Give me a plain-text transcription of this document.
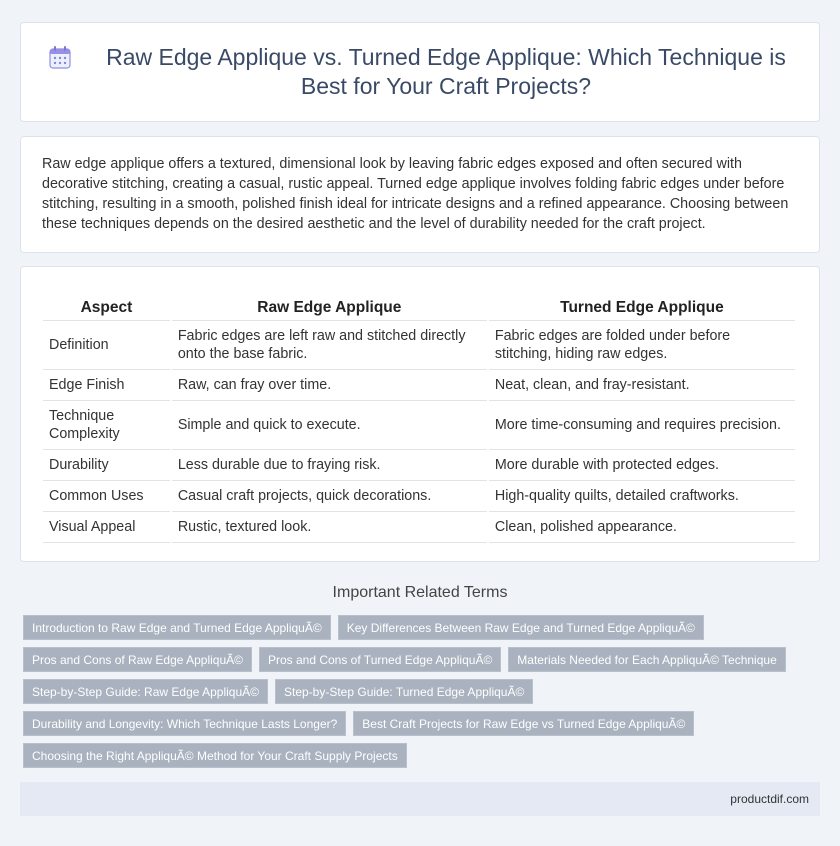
Raw Edge Applique vs. Turned Edge Applique: Which Technique is Best for Your Craft Projects?

Raw edge applique offers a textured, dimensional look by leaving fabric edges exposed and often secured with decorative stitching, creating a casual, rustic appeal. Turned edge applique involves folding fabric edges under before stitching, resulting in a smooth, polished finish ideal for intricate designs and a refined appearance. Choosing between these techniques depends on the desired aesthetic and the level of durability needed for the craft project.

Aspect	Raw Edge Applique	Turned Edge Applique
Definition	Fabric edges are left raw and stitched directly onto the base fabric.	Fabric edges are folded under before stitching, hiding raw edges.
Edge Finish	Raw, can fray over time.	Neat, clean, and fray-resistant.
Technique Complexity	Simple and quick to execute.	More time-consuming and requires precision.
Durability	Less durable due to fraying risk.	More durable with protected edges.
Common Uses	Casual craft projects, quick decorations.	High-quality quilts, detailed craftworks.
Visual Appeal	Rustic, textured look.	Clean, polished appearance.
Important Related Terms
Introduction to Raw Edge and Turned Edge AppliquÃ©	Key Differences Between Raw Edge and Turned Edge AppliquÃ©
Pros and Cons of Raw Edge AppliquÃ©	Pros and Cons of Turned Edge AppliquÃ©	Materials Needed for Each AppliquÃ© Technique
Step-by-Step Guide: Raw Edge AppliquÃ©	Step-by-Step Guide: Turned Edge AppliquÃ©
Durability and Longevity: Which Technique Lasts Longer?	Best Craft Projects for Raw Edge vs Turned Edge AppliquÃ©
Choosing the Right AppliquÃ© Method for Your Craft Supply Projects
productdif.com
